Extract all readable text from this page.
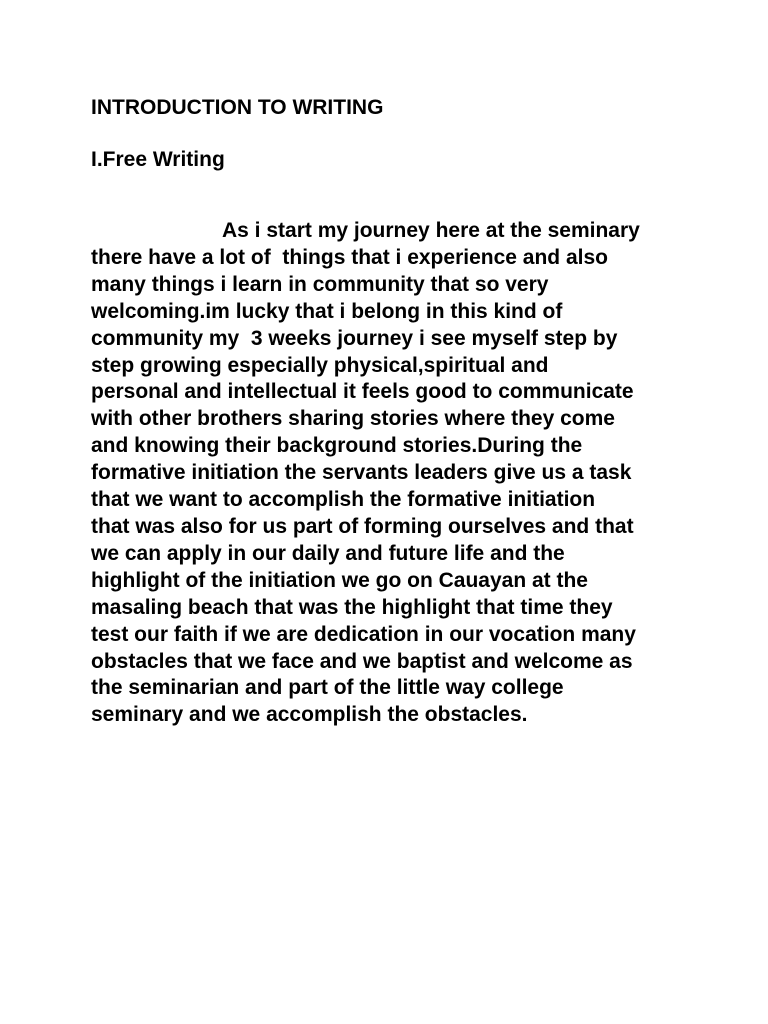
INTRODUCTION TO WRITING
I.Free Writing
As i start my journey here at the seminary
there have a lot of  things that i experience and also
many things i learn in community that so very
welcoming.im lucky that i belong in this kind of
community my  3 weeks journey i see myself step by
step growing especially physical,spiritual and
personal and intellectual it feels good to communicate
with other brothers sharing stories where they come
and knowing their background stories.During the
formative initiation the servants leaders give us a task
that we want to accomplish the formative initiation
that was also for us part of forming ourselves and that
we can apply in our daily and future life and the
highlight of the initiation we go on Cauayan at the
masaling beach that was the highlight that time they
test our faith if we are dedication in our vocation many
obstacles that we face and we baptist and welcome as
the seminarian and part of the little way college
seminary and we accomplish the obstacles.
